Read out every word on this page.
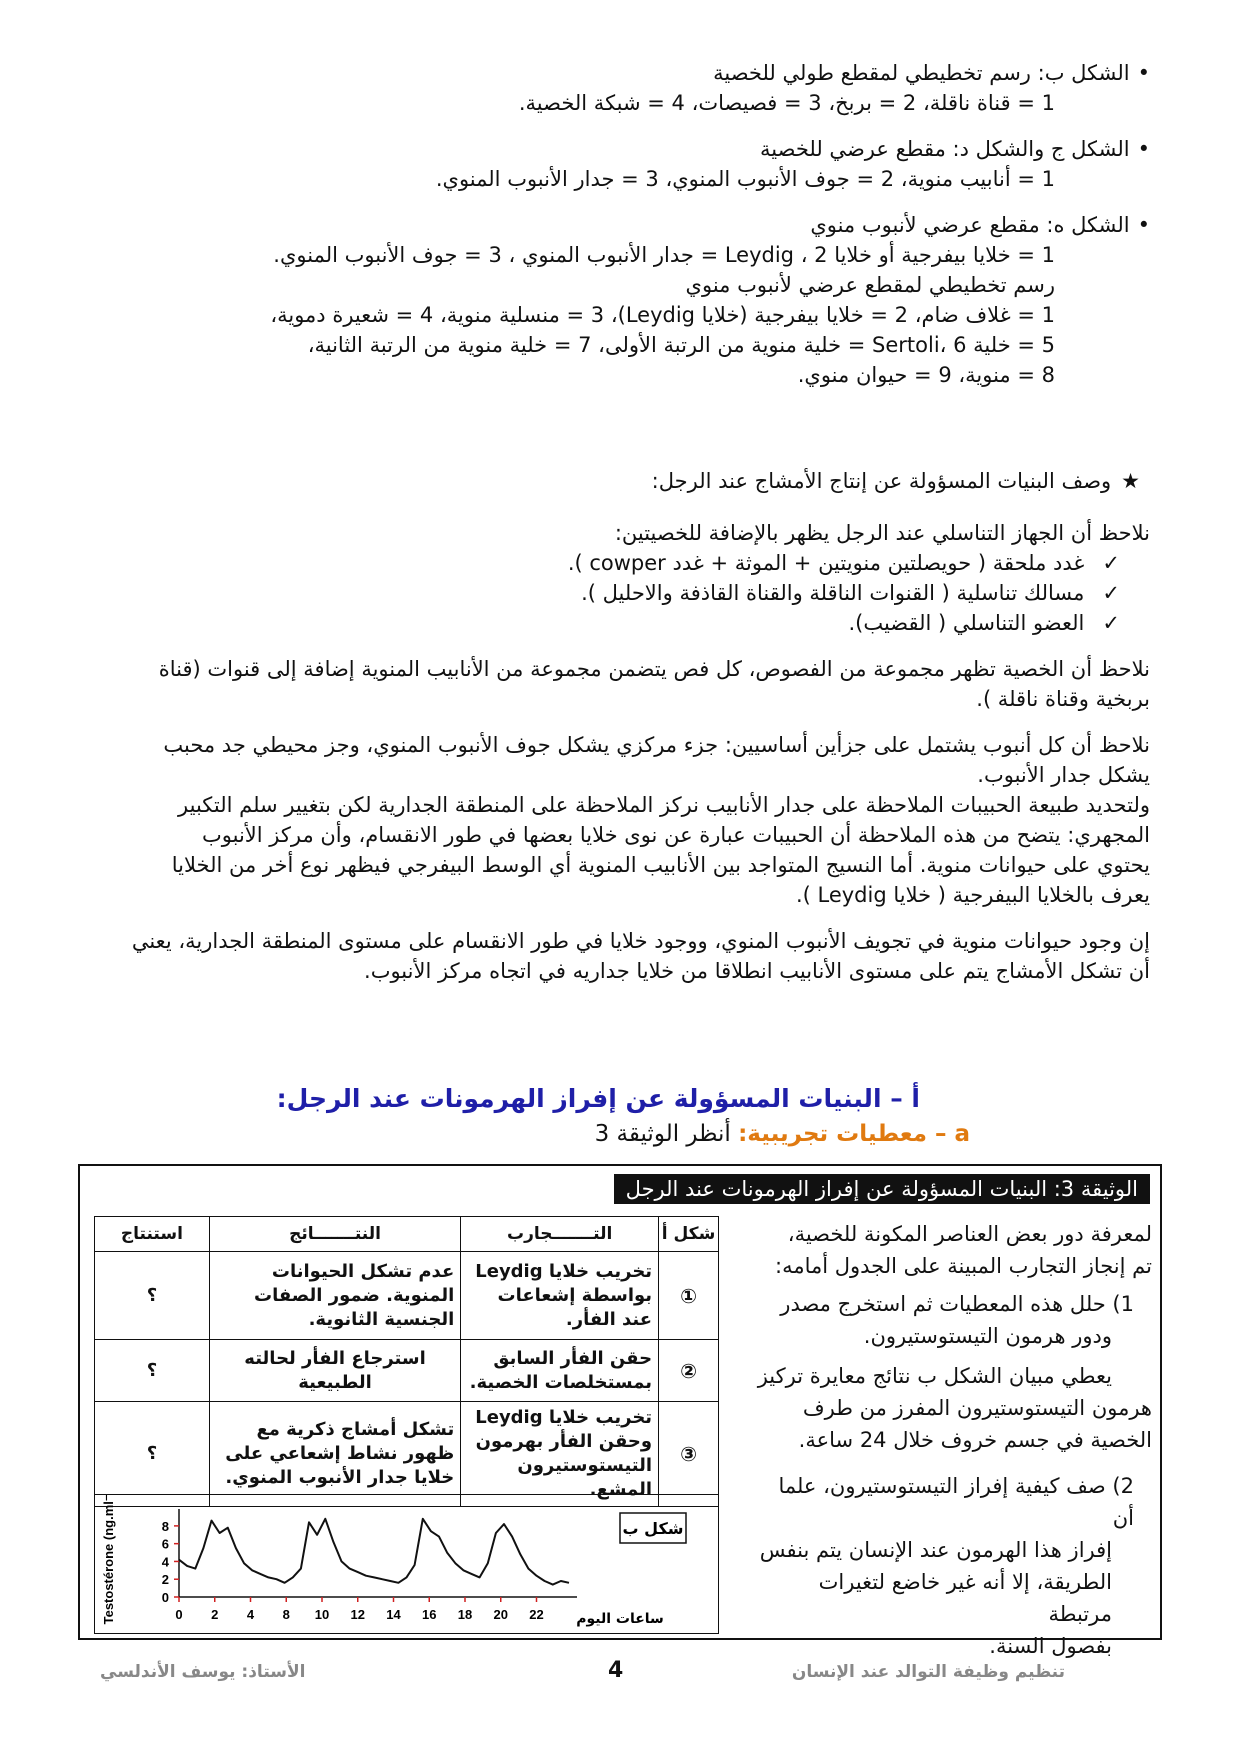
• الشكل ب: رسم تخطيطي لمقطع طولي للخصية
1 = قناة ناقلة، 2 = بربخ، 3 = فصيصات، 4 = شبكة الخصية.
• الشكل ج والشكل د: مقطع عرضي للخصية
1 = أنابيب منوية، 2 = جوف الأنبوب المنوي، 3 = جدار الأنبوب المنوي.
• الشكل ه: مقطع عرضي لأنبوب منوي
1 = خلايا بيفرجية أو خلايا Leydig ، 2 = جدار الأنبوب المنوي ، 3 = جوف الأنبوب المنوي.
رسم تخطيطي لمقطع عرضي لأنبوب منوي
1 = غلاف ضام، 2 = خلايا بيفرجية (خلايا Leydig)، 3 = منسلية منوية، 4 = شعيرة دموية،
5 = خلية Sertoli، 6 = خلية منوية من الرتبة الأولى، 7 = خلية منوية من الرتبة الثانية،
8 = منوية، 9 = حيوان منوي.
★ وصف البنيات المسؤولة عن إنتاج الأمشاج عند الرجل:
نلاحظ أن الجهاز التناسلي عند الرجل يظهر بالإضافة للخصيتين:
✓ غدد ملحقة ( حويصلتين منويتين + الموثة + غدد cowper ).
✓ مسالك تناسلية ( القنوات الناقلة والقناة القاذفة والاحليل ).
✓ العضو التناسلي ( القضيب).
نلاحظ أن الخصية تظهر مجموعة من الفصوص، كل فص يتضمن مجموعة من الأنابيب المنوية إضافة إلى قنوات (قناة
بربخية وقناة ناقلة ).
نلاحظ أن كل أنبوب يشتمل على جزأين أساسيين: جزء مركزي يشكل جوف الأنبوب المنوي، وجز محيطي جد محبب
يشكل جدار الأنبوب.
ولتحديد طبيعة الحبيبات الملاحظة على جدار الأنابيب نركز الملاحظة على المنطقة الجدارية لكن بتغيير سلم التكبير
المجهري: يتضح من هذه الملاحظة أن الحبيبات عبارة عن نوى خلايا بعضها في طور الانقسام، وأن مركز الأنبوب
يحتوي على حيوانات منوية. أما النسيج المتواجد بين الأنابيب المنوية أي الوسط البيفرجي فيظهر نوع أخر من الخلايا
يعرف بالخلايا البيفرجية ( خلايا Leydig ).
إن وجود حيوانات منوية في تجويف الأنبوب المنوي، ووجود خلايا في طور الانقسام على مستوى المنطقة الجدارية، يعني
أن تشكل الأمشاج يتم على مستوى الأنابيب انطلاقا من خلايا جداريه في اتجاه مركز الأنبوب.
أ – البنيات المسؤولة عن إفراز الهرمونات عند الرجل:
a – معطيات تجريبية: أنظر الوثيقة 3
الوثيقة 3: البنيات المسؤولة عن إفراز الهرمونات عند الرجل
لمعرفة دور بعض العناصر المكونة للخصية،
تم إنجاز التجارب المبينة على الجدول أمامه:
1) حلل هذه المعطيات ثم استخرج مصدر
ودور هرمون التيستوستيرون.
يعطي مبيان الشكل ب نتائج معايرة تركيز
هرمون التيستوستيرون المفرز من طرف
الخصية في جسم خروف خلال 24 ساعة.
2) صف كيفية إفراز التيستوستيرون، علما أن
إفراز هذا الهرمون عند الإنسان يتم بنفس
الطريقة، إلا أنه غير خاضع لتغيرات مرتبطة
بفصول السنة.
شكل أ	التـــــــجارب	النتـــــــائج	استنتاج
①	تخريب خلايا Leydig بواسطة إشعاعات عند الفأر.	عدم تشكل الحيوانات المنوية. ضمور الصفات الجنسية الثانوية.	؟
②	حقن الفأر السابق بمستخلصات الخصية.	استرجاع الفأر لحالته الطبيعية	؟
③	تخريب خلايا Leydig وحقن الفأر بهرمون التيستوستيرون المشع.	تشكل أمشاج ذكرية مع ظهور نشاط إشعاعي على خلايا جدار الأنبوب المنوي.	؟
Testostérone (ng.ml⁻¹)	شكل ب
ساعات اليوم
0
2
4
6
8
0 2 4 8 10 12 14 16 18 20 22
تنظيم وظيفة التوالد عند الإنسان
4
الأستاذ: يوسف الأندلسي
